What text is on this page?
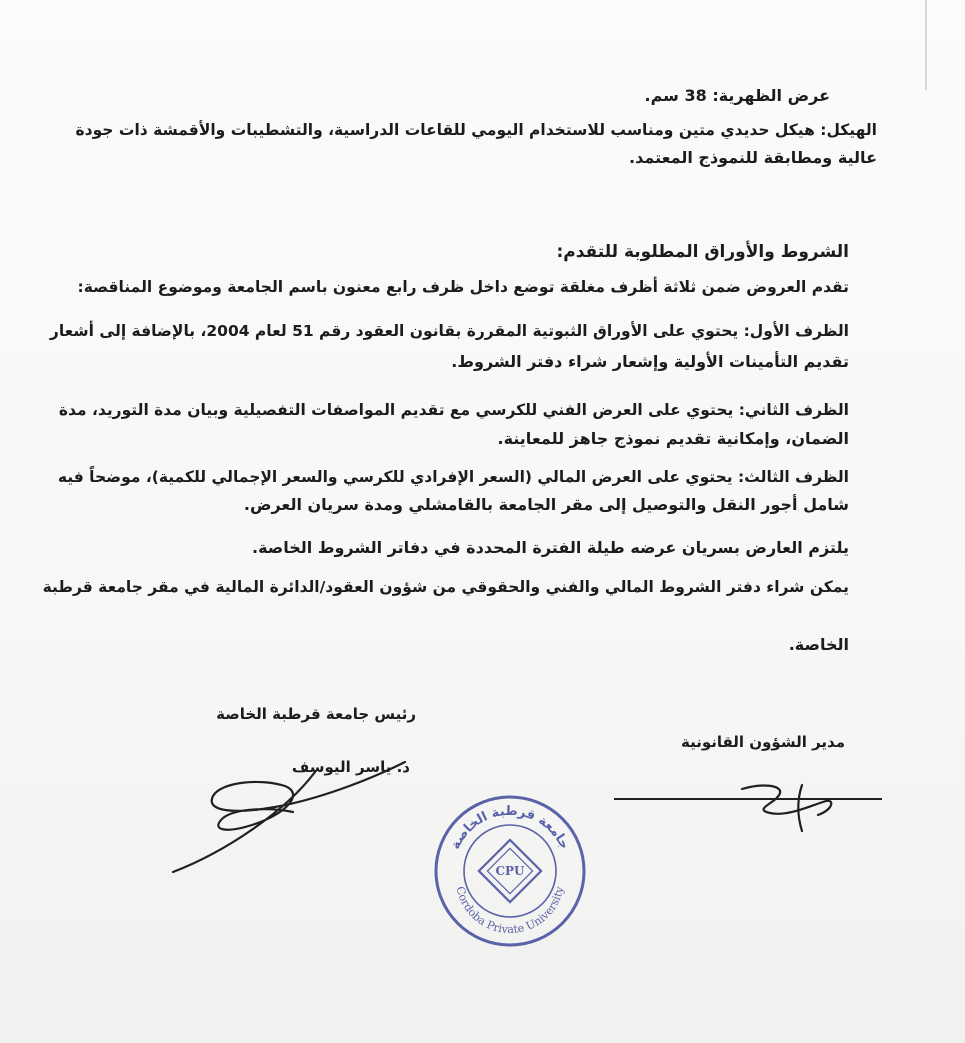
عرض الظهرية: 38 سم.
الهيكل: هيكل حديدي متين ومناسب للاستخدام اليومي للقاعات الدراسية، والتشطيبات والأقمشة ذات جودة
عالية ومطابقة للنموذج المعتمد.
الشروط والأوراق المطلوبة للتقدم:
تقدم العروض ضمن ثلاثة أظرف مغلقة توضع داخل ظرف رابع معنون باسم الجامعة وموضوع المناقصة:
الظرف الأول: يحتوي على الأوراق الثبوتية المقررة بقانون العقود رقم 51 لعام 2004، بالإضافة إلى أشعار
تقديم التأمينات الأولية وإشعار شراء دفتر الشروط.
الظرف الثاني: يحتوي على العرض الفني للكرسي مع تقديم المواصفات التفصيلية وبيان مدة التوريد، مدة
الضمان، وإمكانية تقديم نموذج جاهز للمعاينة.
الظرف الثالث: يحتوي على العرض المالي (السعر الإفرادي للكرسي والسعر الإجمالي للكمية)، موضحاً فيه
شامل أجور النقل والتوصيل إلى مقر الجامعة بالقامشلي ومدة سريان العرض.
يلتزم العارض بسريان عرضه طيلة الفترة المحددة في دفاتر الشروط الخاصة.
يمكن شراء دفتر الشروط المالي والفني والحقوقي من شؤون العقود/الدائرة المالية في مقر جامعة قرطبة
الخاصة.
رئيس جامعة قرطبة الخاصة
د. ياسر اليوسف
مدير الشؤون القانونية
جامعة قرطبة الخاصة
Cordoba Private University
CPU
